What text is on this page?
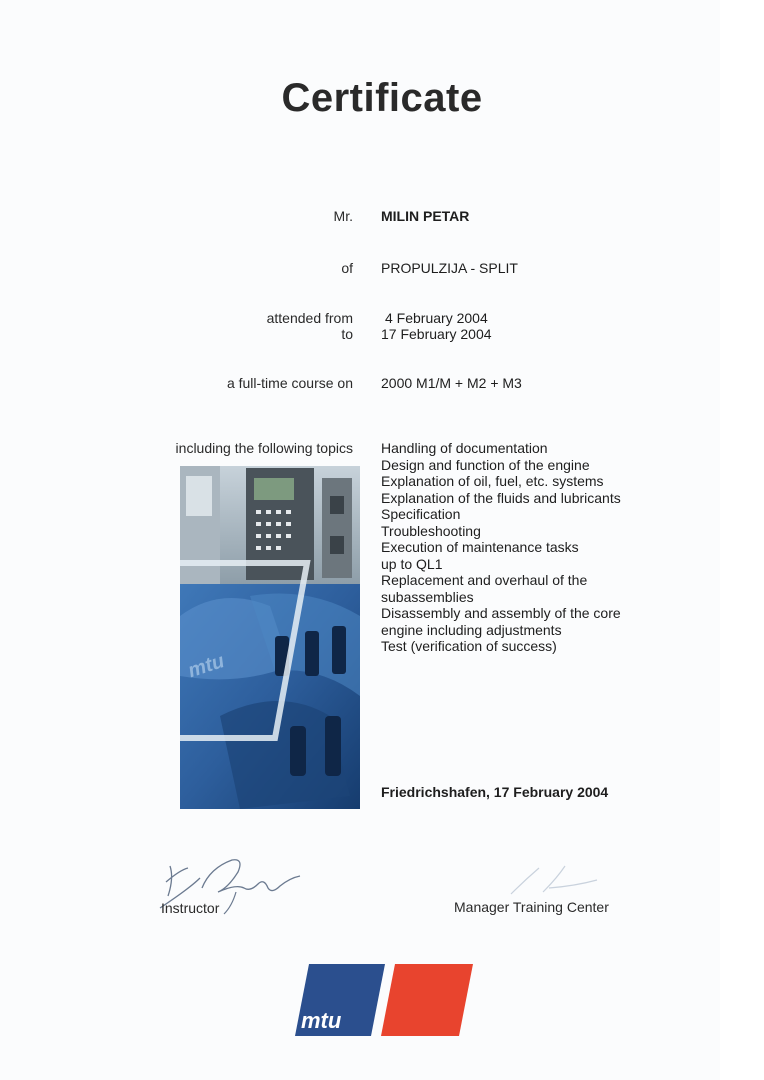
Certificate
Mr. MILIN PETAR
of PROPULZIJA - SPLIT
attended from 4 February 2004
to 17 February 2004
a full-time course on 2000 M1/M + M2 + M3
including the following topics Handling of documentation
Design and function of the engine
Explanation of oil, fuel, etc. systems
Explanation of the fluids and lubricants
Specification
Troubleshooting
Execution of maintenance tasks
up to QL1
Replacement and overhaul of the
subassemblies
Disassembly and assembly of the core
engine including adjustments
Test (verification of success)
mtu
Friedrichshafen, 17 February 2004
Instructor	Manager Training Center
mtu
